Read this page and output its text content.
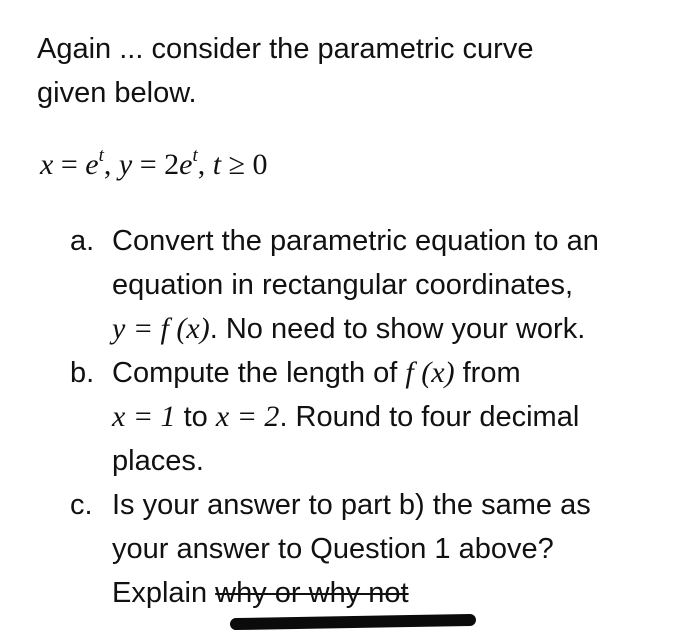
Again ... consider the parametric curve
given below.
$x = e^t$, $y = 2e^t$, t ≥ 0
a. Convert the parametric equation to an
equation in rectangular coordinates,
y = f (x). No need to show your work.
b. Compute the length of f (x) from
x = 1 to x = 2. Round to four decimal
places.
c. Is your answer to part b) the same as
your answer to Question 1 above?
Explain why or why not
